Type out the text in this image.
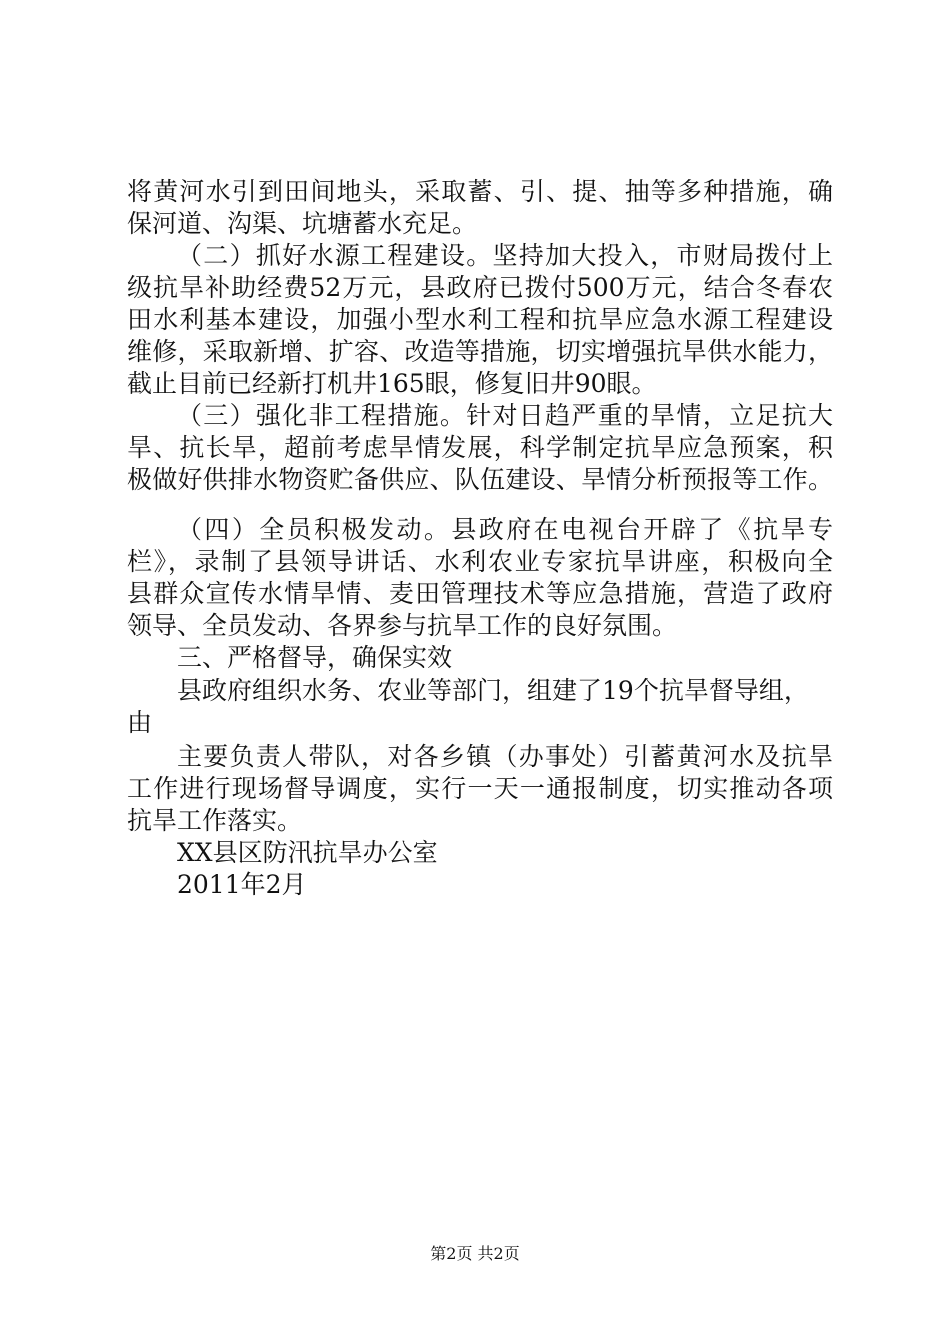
将黄河水引到田间地头，采取蓄、引、提、抽等多种措施，确
保河道、沟渠、坑塘蓄水充足。
（二）抓好水源工程建设。坚持加大投入，市财局拨付上
级抗旱补助经费52万元，县政府已拨付500万元，结合冬春农
田水利基本建设，加强小型水利工程和抗旱应急水源工程建设
维修，采取新增、扩容、改造等措施，切实增强抗旱供水能力，
截止目前已经新打机井165眼，修复旧井90眼。
（三）强化非工程措施。针对日趋严重的旱情，立足抗大
旱、抗长旱，超前考虑旱情发展，科学制定抗旱应急预案，积
极做好供排水物资贮备供应、队伍建设、旱情分析预报等工作。
（四）全员积极发动。县政府在电视台开辟了《抗旱专
栏》，录制了县领导讲话、水利农业专家抗旱讲座，积极向全
县群众宣传水情旱情、麦田管理技术等应急措施，营造了政府
领导、全员发动、各界参与抗旱工作的良好氛围。
三、严格督导，确保实效
县政府组织水务、农业等部门，组建了19个抗旱督导组，
由
主要负责人带队，对各乡镇（办事处）引蓄黄河水及抗旱
工作进行现场督导调度，实行一天一通报制度，切实推动各项
抗旱工作落实。
XX县区防汛抗旱办公室
2011年2月
第2页 共2页
